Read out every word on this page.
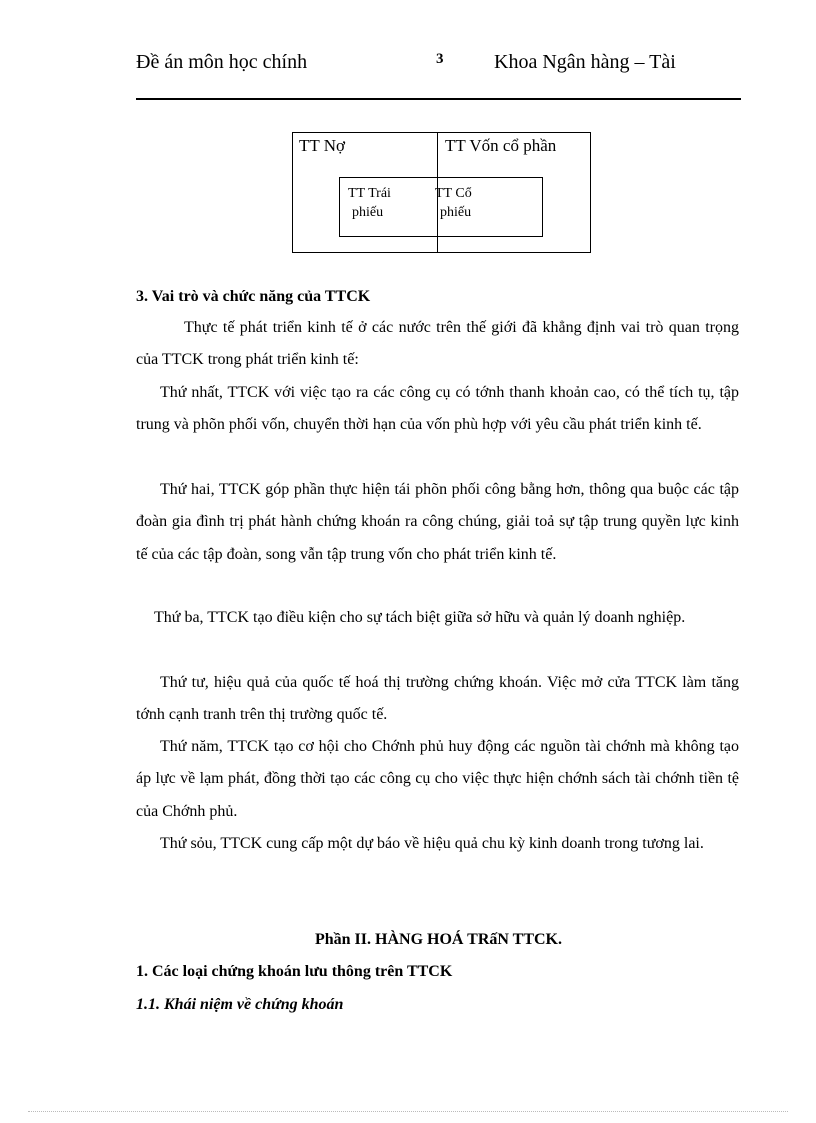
Đề án môn học chính	3	Khoa Ngân hàng – Tài
TT Nợ	TT Vốn cổ phần
TT Trái
phiếu
TT Cổ
phiếu
3. Vai trò và chức năng của TTCK
Thực tế phát triển kinh tế ở các nước trên thế giới đã khẳng định vai trò quan trọng của TTCK trong phát triển kinh tế:
Thứ nhất, TTCK với việc tạo ra các công cụ có tớnh thanh khoản cao, có thể tích tụ, tập trung và phõn phối vốn, chuyển thời hạn của vốn phù hợp với yêu cầu phát triển kinh tế.
Thứ hai, TTCK góp phần thực hiện tái phõn phối công bằng hơn, thông qua buộc các tập đoàn gia đình trị phát hành chứng khoán ra công chúng, giải toả sự tập trung quyền lực kinh tế của các tập đoàn, song vẫn tập trung vốn cho phát triển kinh tế.
Thứ ba, TTCK tạo điều kiện cho sự tách biệt giữa sở hữu và quản lý doanh nghiệp.
Thứ tư, hiệu quả của quốc tế hoá thị trường chứng khoán. Việc mở cửa TTCK làm tăng tớnh cạnh tranh trên thị trường quốc tế.
Thứ năm, TTCK tạo cơ hội cho Chớnh phủ huy động các nguồn tài chớnh mà không tạo áp lực về lạm phát, đồng thời tạo các công cụ cho việc thực hiện chớnh sách tài chớnh tiền tệ của Chớnh phủ.
Thứ sỏu, TTCK cung cấp một dự báo về hiệu quả chu kỳ kinh doanh trong tương lai.
Phần II. HÀNG HOÁ TRấN TTCK.
1. Các loại chứng khoán lưu thông trên TTCK
1.1. Khái niệm về chứng khoán
